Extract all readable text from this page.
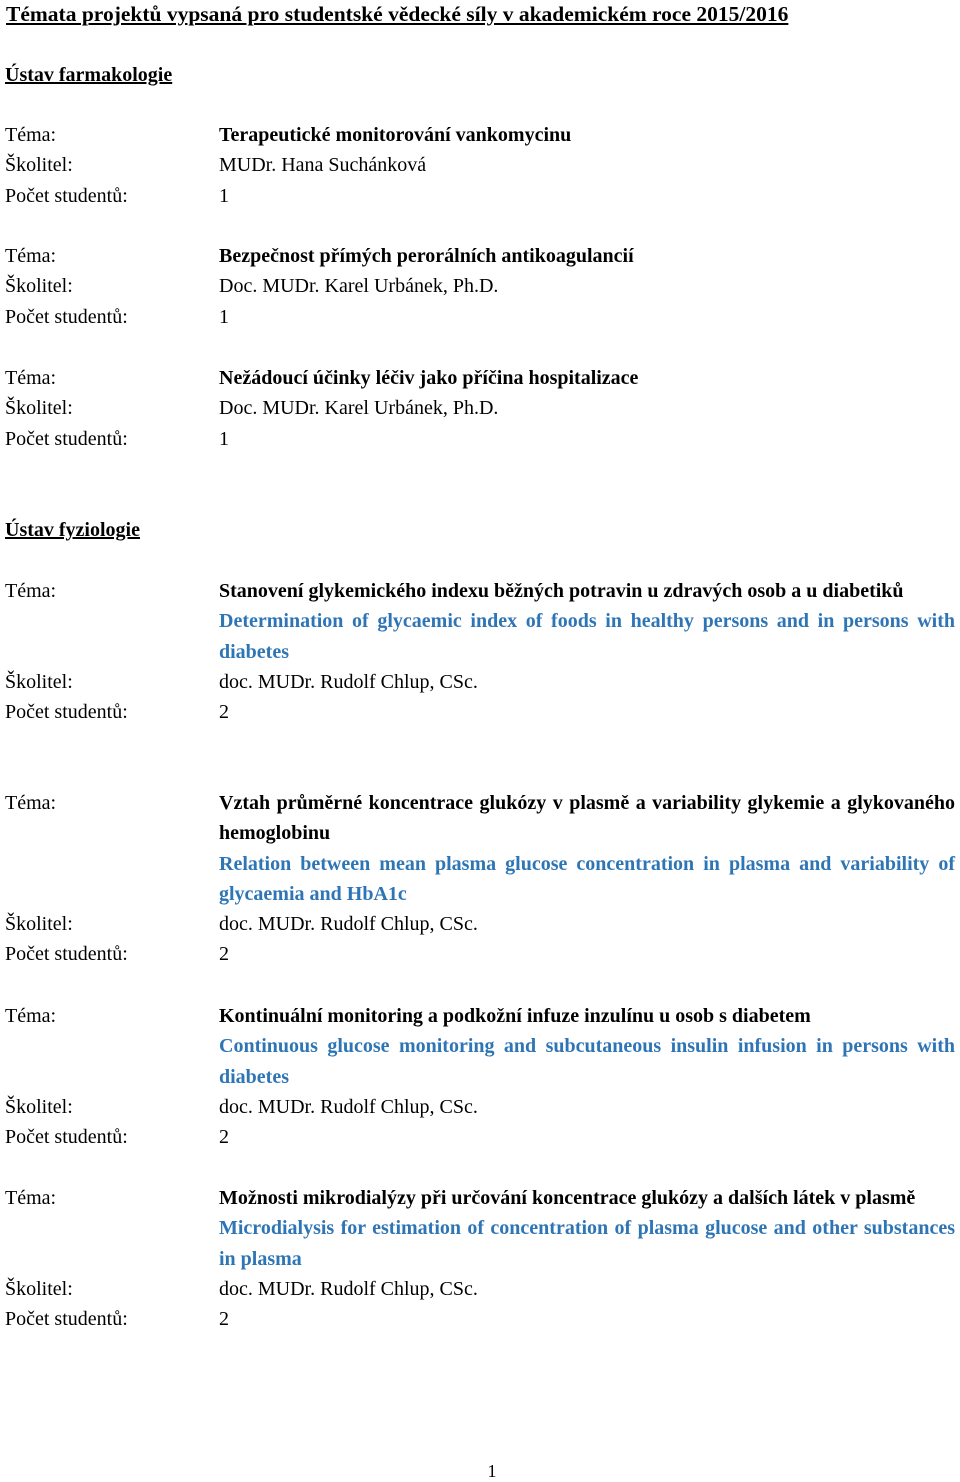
Témata projektů vypsaná pro studentské vědecké síly v akademickém roce 2015/2016
Ústav farmakologie
Téma:	Terapeutické monitorování vankomycinu
Školitel:	MUDr. Hana Suchánková
Počet studentů:	1
Téma:	Bezpečnost přímých perorálních antikoagulancií
Školitel:	Doc. MUDr. Karel Urbánek, Ph.D.
Počet studentů:	1
Téma:	Nežádoucí účinky léčiv jako příčina hospitalizace
Školitel:	Doc. MUDr. Karel Urbánek, Ph.D.
Počet studentů:	1
Ústav fyziologie
Téma:	Stanovení glykemického indexu běžných potravin u zdravých osob a u diabetiků
Determination of glycaemic index of foods in healthy persons and in persons with diabetes
Školitel:	doc. MUDr. Rudolf Chlup, CSc.
Počet studentů:	2
Téma:	Vztah průměrné koncentrace glukózy v plasmě a variability glykemie a glykovaného hemoglobinu
Relation between mean plasma glucose concentration in plasma and variability of glycaemia and HbA1c
Školitel:	doc. MUDr. Rudolf Chlup, CSc.
Počet studentů:	2
Téma:	Kontinuální monitoring a podkožní infuze inzulínu u osob s diabetem
Continuous glucose monitoring and subcutaneous insulin infusion in persons with diabetes
Školitel:	doc. MUDr. Rudolf Chlup, CSc.
Počet studentů:	2
Téma:	Možnosti mikrodialýzy při určování koncentrace glukózy a dalších látek v plasmě
Microdialysis for estimation of concentration of plasma glucose and other substances in plasma
Školitel:	doc. MUDr. Rudolf Chlup, CSc.
Počet studentů:	2
1
